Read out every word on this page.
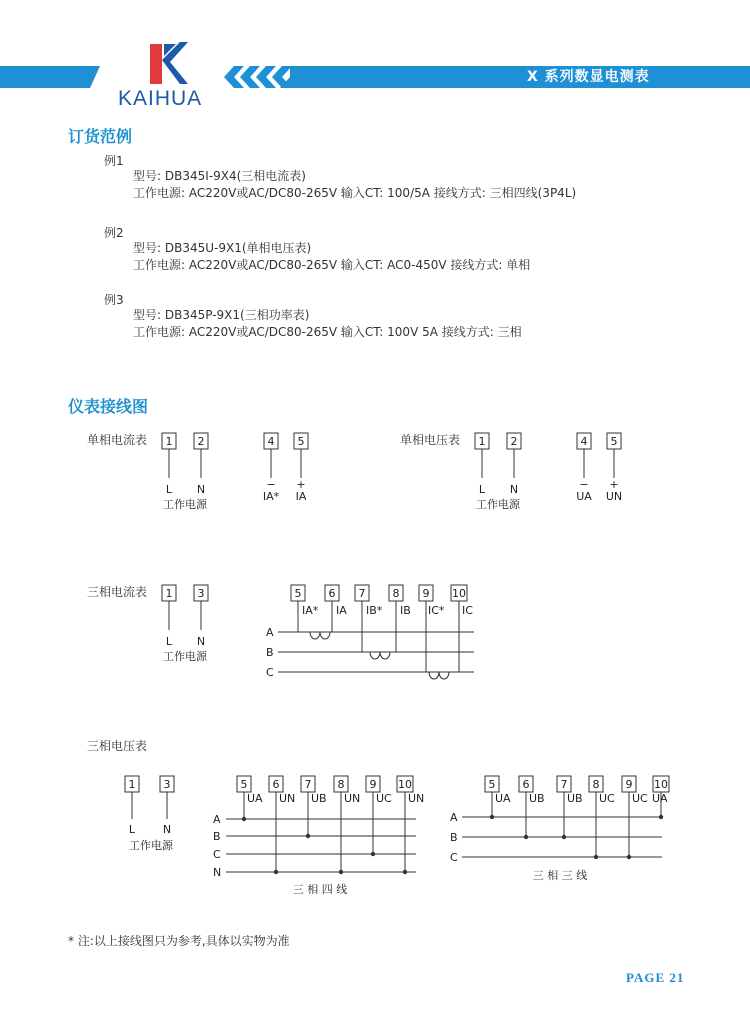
KAIHUA
X 系列数显电测表
订货范例
例1
型号: DB345I-9X4(三相电流表)
工作电源: AC220V或AC/DC80-265V 输入CT: 100/5A 接线方式: 三相四线(3P4L)
例2
型号: DB345U-9X1(单相电压表)
工作电源: AC220V或AC/DC80-265V 输入CT: AC0-450V 接线方式: 单相
例3
型号: DB345P-9X1(三相功率表)
工作电源: AC220V或AC/DC80-265V 输入CT: 100V 5A 接线方式: 三相
仪表接线图
单相电流表 1 2	4 5
− +
L N
IA* IA
工作电源
单相电压表 1 2	4 5
− +
L N
UA UN
工作电源
三相电流表 1 3
L N
工作电源
5 6 7 8 9 10
IA* IA IB* IB IC* IC
A
B
C
三相电压表
1	3
L	N
工作电源
5 6 7 8 9 10
UA UN UB UN UC UN
A
B
C
N
三 相 四 线
5 6	7 8 9 10
UA UB UB UC UC UA
A
B
C
三 相 三 线
* 注:以上接线图只为参考,具体以实物为准
PAGE 21
